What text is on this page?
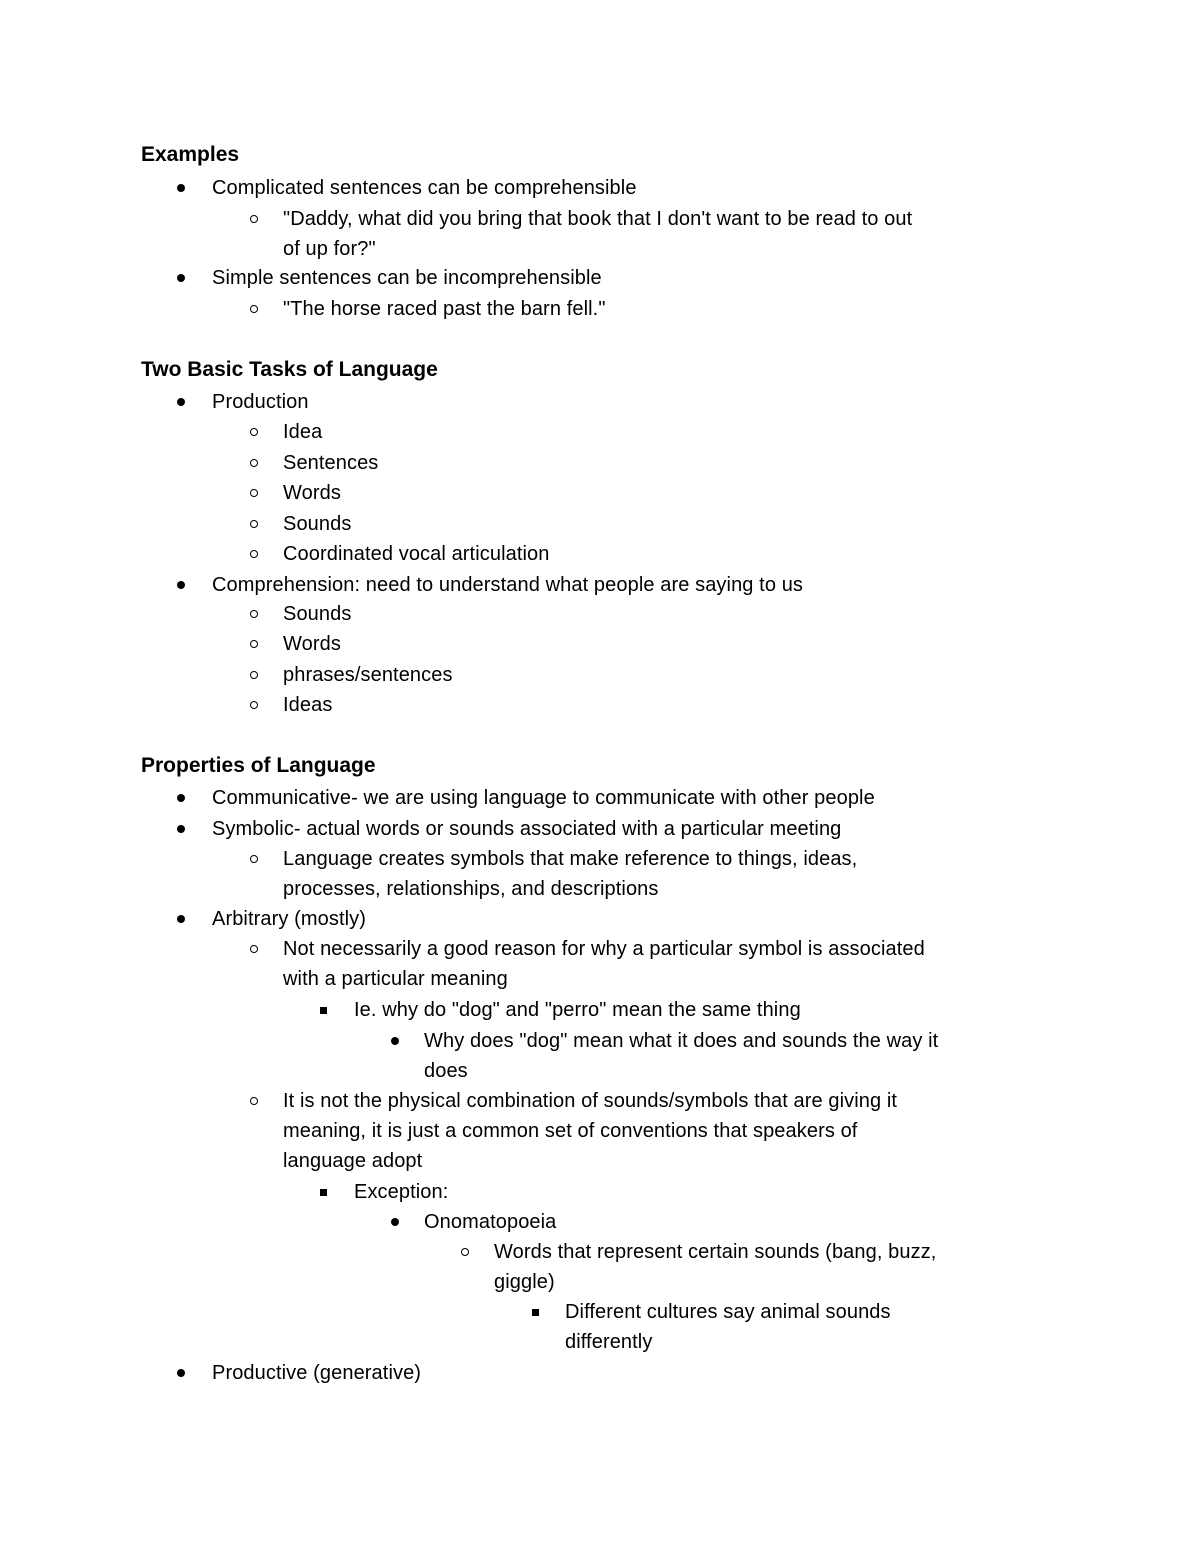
Examples
Complicated sentences can be comprehensible
"Daddy, what did you bring that book that I don't want to be read to out
of up for?"
Simple sentences can be incomprehensible
"The horse raced past the barn fell."
Two Basic Tasks of Language
Production
Idea
Sentences
Words
Sounds
Coordinated vocal articulation
Comprehension: need to understand what people are saying to us
Sounds
Words
phrases/sentences
Ideas
Properties of Language
Communicative- we are using language to communicate with other people
Symbolic- actual words or sounds associated with a particular meeting
Language creates symbols that make reference to things, ideas,
processes, relationships, and descriptions
Arbitrary (mostly)
Not necessarily a good reason for why a particular symbol is associated
with a particular meaning
Ie. why do "dog" and "perro" mean the same thing
Why does "dog" mean what it does and sounds the way it
does
It is not the physical combination of sounds/symbols that are giving it
meaning, it is just a common set of conventions that speakers of
language adopt
Exception:
Onomatopoeia
Words that represent certain sounds (bang, buzz,
giggle)
Different cultures say animal sounds
differently
Productive (generative)
